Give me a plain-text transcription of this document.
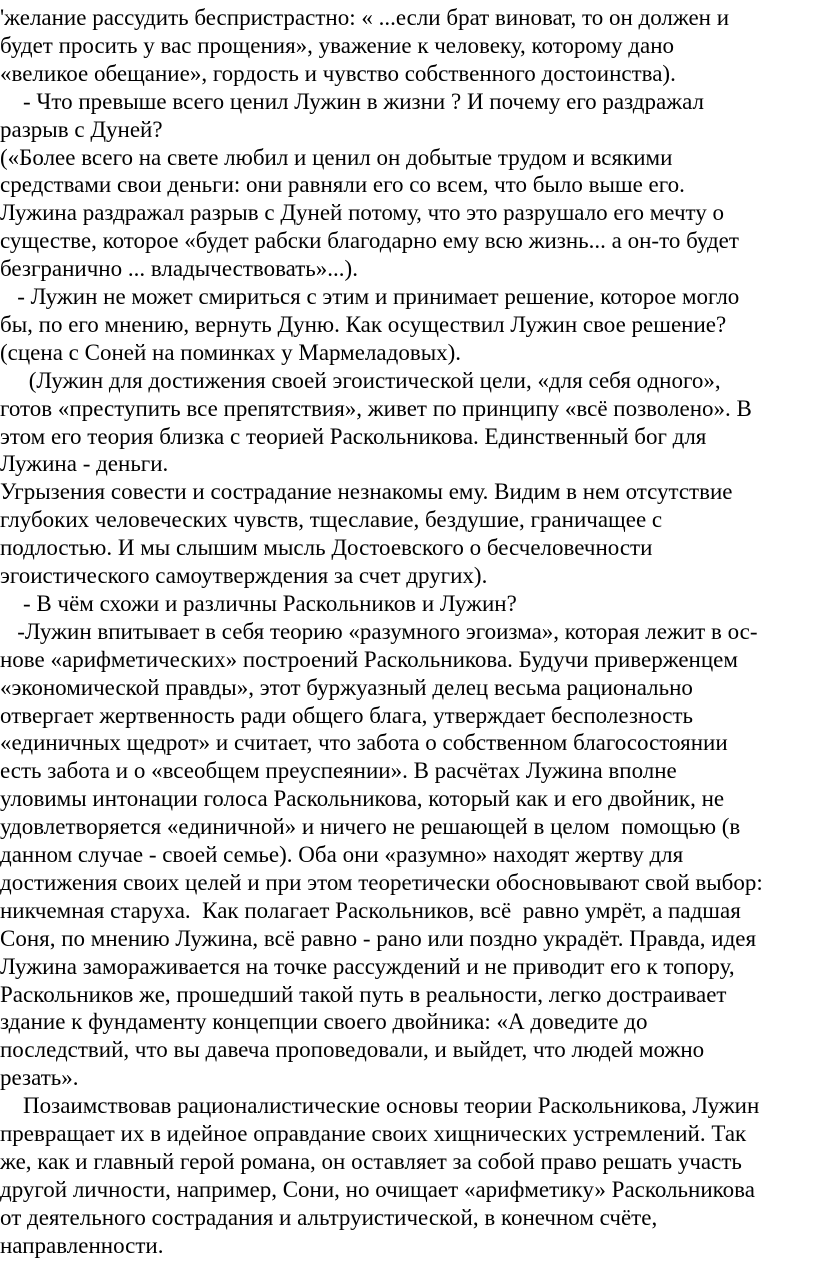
'желание рассудить беспристрастно: « ...если брат виноват, то он должен и
будет просить у вас прощения», уважение к человеку, которому дано
«великое обещание», гордость и чувство собственного достоинства).
- Что превыше всего ценил Лужин в жизни ? И почему его раздражал
разрыв с Дуней?
(«Более всего на свете любил и ценил он добытые трудом и всякими
средствами свои деньги: они равняли его со всем, что было выше его.
Лужина раздражал разрыв с Дуней потому, что это разрушало его мечту о
существе, которое «будет рабски благодарно ему всю жизнь... а он-то будет
безгранично ... владычествовать»...).
- Лужин не может смириться с этим и принимает решение, которое могло
бы, по его мнению, вернуть Дуню. Как осуществил Лужин свое решение?
(сцена с Соней на поминках у Мармеладовых).
(Лужин для достижения своей эгоистической цели, «для себя одного»,
готов «преступить все препятствия», живет по принципу «всё позволено». В
этом его теория близка с теорией Раскольникова. Единственный бог для
Лужина - деньги.
Угрызения совести и сострадание незнакомы ему. Видим в нем отсутствие
глубоких человеческих чувств, тщеславие, бездушие, граничащее с
подлостью. И мы слышим мысль Достоевского о бесчеловечности
эгоистического самоутверждения за счет других).
- В чём схожи и различны Раскольников и Лужин?
-Лужин впитывает в себя теорию «разумного эгоизма», которая лежит в ос-
нове «арифметических» построений Раскольникова. Будучи приверженцем
«экономической правды», этот буржуазный делец весьма рационально
отвергает жертвенность ради общего блага, утверждает бесполезность
«единичных щедрот» и считает, что забота о собственном благосостоянии
есть забота и о «всеобщем преуспеянии». В расчётах Лужина вполне
уловимы интонации голоса Раскольникова, который как и его двойник, не
удовлетворяется «единичной» и ничего не решающей в целом  помощью (в
данном случае - своей семье). Оба они «разумно» находят жертву для
достижения своих целей и при этом теоретически обосновывают свой выбор:
никчемная старуха.  Как полагает Раскольников, всё  равно умрёт, а падшая
Соня, по мнению Лужина, всё равно - рано или поздно украдёт. Правда, идея
Лужина замораживается на точке рассуждений и не приводит его к топору,
Раскольников же, прошедший такой путь в реальности, легко достраивает
здание к фундаменту концепции своего двойника: «А доведите до
последствий, что вы давеча проповедовали, и выйдет, что людей можно
резать».
Позаимствовав рационалистические основы теории Раскольникова, Лужин
превращает их в идейное оправдание своих хищнических устремлений. Так
же, как и главный герой романа, он оставляет за собой право решать участь
другой личности, например, Сони, но очищает «арифметику» Раскольникова
от деятельного сострадания и альтруистической, в конечном счёте,
направленности.
